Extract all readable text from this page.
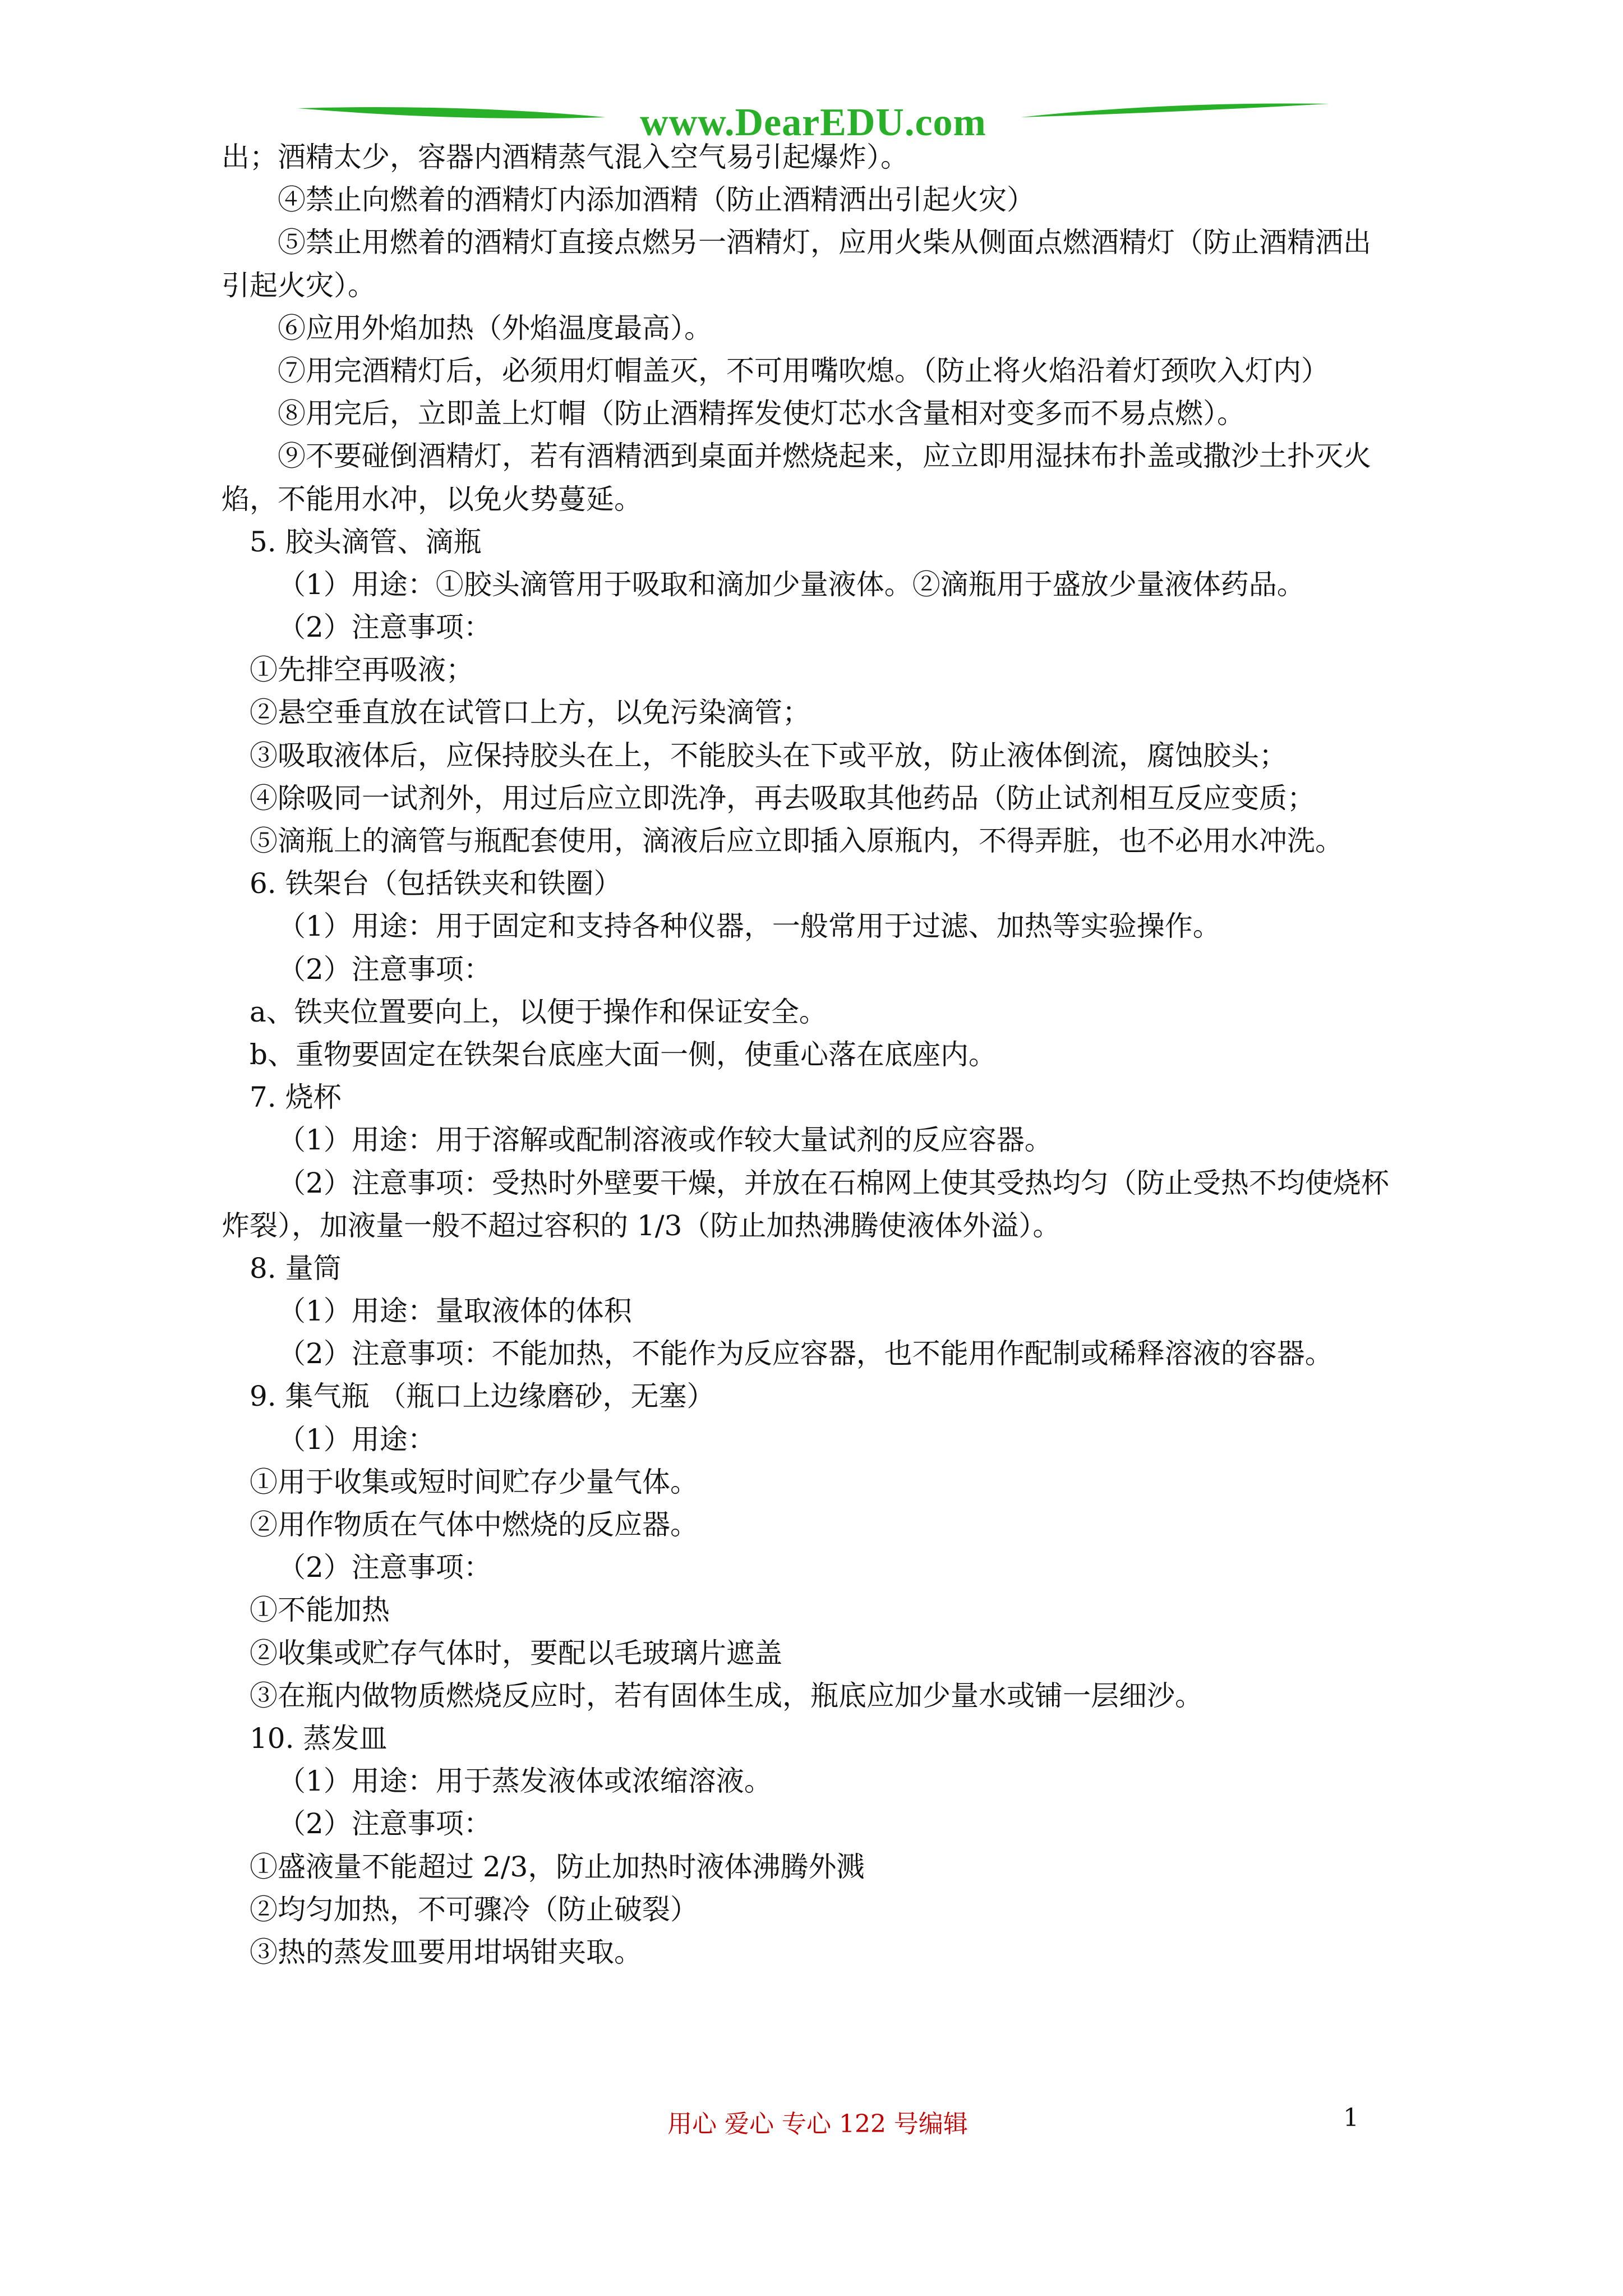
www.DearEDU.com
出；酒精太少，容器内酒精蒸气混入空气易引起爆炸）。
④禁止向燃着的酒精灯内添加酒精（防止酒精洒出引起火灾）
⑤禁止用燃着的酒精灯直接点燃另一酒精灯，应用火柴从侧面点燃酒精灯（防止酒精洒出
引起火灾）。
⑥应用外焰加热（外焰温度最高）。
⑦用完酒精灯后，必须用灯帽盖灭，不可用嘴吹熄。（防止将火焰沿着灯颈吹入灯内）
⑧用完后，立即盖上灯帽（防止酒精挥发使灯芯水含量相对变多而不易点燃）。
⑨不要碰倒酒精灯，若有酒精洒到桌面并燃烧起来，应立即用湿抹布扑盖或撒沙土扑灭火
焰，不能用水冲，以免火势蔓延。
5. 胶头滴管、滴瓶
（1）用途：①胶头滴管用于吸取和滴加少量液体。②滴瓶用于盛放少量液体药品。
（2）注意事项：
①先排空再吸液；
②悬空垂直放在试管口上方，以免污染滴管；
③吸取液体后，应保持胶头在上，不能胶头在下或平放，防止液体倒流，腐蚀胶头；
④除吸同一试剂外，用过后应立即洗净，再去吸取其他药品（防止试剂相互反应变质；
⑤滴瓶上的滴管与瓶配套使用，滴液后应立即插入原瓶内，不得弄脏，也不必用水冲洗。
6. 铁架台（包括铁夹和铁圈）
（1）用途：用于固定和支持各种仪器，一般常用于过滤、加热等实验操作。
（2）注意事项：
a、铁夹位置要向上，以便于操作和保证安全。
b、重物要固定在铁架台底座大面一侧，使重心落在底座内。
7. 烧杯
（1）用途：用于溶解或配制溶液或作较大量试剂的反应容器。
（2）注意事项：受热时外壁要干燥，并放在石棉网上使其受热均匀（防止受热不均使烧杯
炸裂），加液量一般不超过容积的 1/3（防止加热沸腾使液体外溢）。
8. 量筒
（1）用途：量取液体的体积
（2）注意事项：不能加热，不能作为反应容器，也不能用作配制或稀释溶液的容器。
9. 集气瓶 （瓶口上边缘磨砂，无塞）
（1）用途：
①用于收集或短时间贮存少量气体。
②用作物质在气体中燃烧的反应器。
（2）注意事项：
①不能加热
②收集或贮存气体时，要配以毛玻璃片遮盖
③在瓶内做物质燃烧反应时，若有固体生成，瓶底应加少量水或铺一层细沙。
10. 蒸发皿
（1）用途：用于蒸发液体或浓缩溶液。
（2）注意事项：
①盛液量不能超过 2/3，防止加热时液体沸腾外溅
②均匀加热，不可骤冷（防止破裂）
③热的蒸发皿要用坩埚钳夹取。
用心 爱心 专心 122 号编辑	1
